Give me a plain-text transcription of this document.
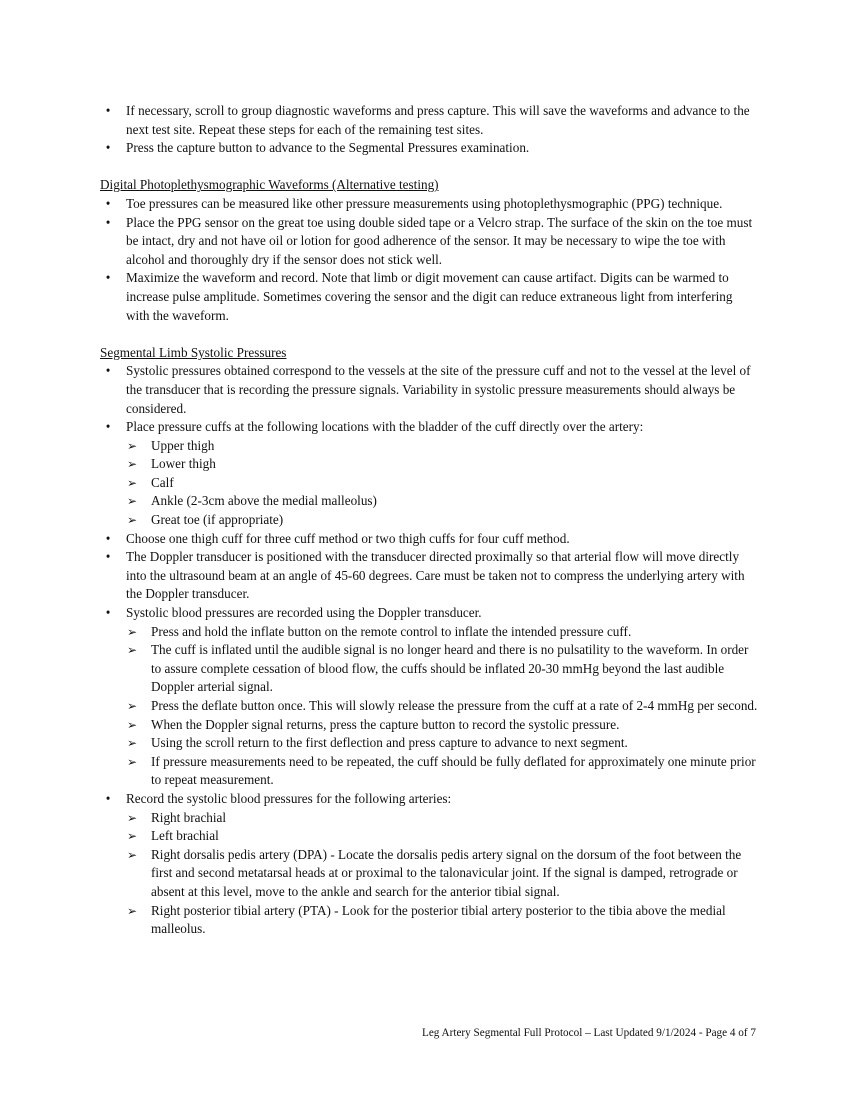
• If necessary, scroll to group diagnostic waveforms and press capture. This will save the waveforms and advance to the next test site. Repeat these steps for each of the remaining test sites.
• Press the capture button to advance to the Segmental Pressures examination.
Digital Photoplethysmographic Waveforms (Alternative testing)
• Toe pressures can be measured like other pressure measurements using photoplethysmographic (PPG) technique.
• Place the PPG sensor on the great toe using double sided tape or a Velcro strap. The surface of the skin on the toe must be intact, dry and not have oil or lotion for good adherence of the sensor. It may be necessary to wipe the toe with alcohol and thoroughly dry if the sensor does not stick well.
• Maximize the waveform and record. Note that limb or digit movement can cause artifact. Digits can be warmed to increase pulse amplitude. Sometimes covering the sensor and the digit can reduce extraneous light from interfering with the waveform.
Segmental Limb Systolic Pressures
• Systolic pressures obtained correspond to the vessels at the site of the pressure cuff and not to the vessel at the level of the transducer that is recording the pressure signals. Variability in systolic pressure measurements should always be considered.
• Place pressure cuffs at the following locations with the bladder of the cuff directly over the artery:
➢ Upper thigh
➢ Lower thigh
➢ Calf
➢ Ankle (2-3cm above the medial malleolus)
➢ Great toe (if appropriate)
• Choose one thigh cuff for three cuff method or two thigh cuffs for four cuff method.
• The Doppler transducer is positioned with the transducer directed proximally so that arterial flow will move directly into the ultrasound beam at an angle of 45-60 degrees. Care must be taken not to compress the underlying artery with the Doppler transducer.
• Systolic blood pressures are recorded using the Doppler transducer.
➢ Press and hold the inflate button on the remote control to inflate the intended pressure cuff.
➢ The cuff is inflated until the audible signal is no longer heard and there is no pulsatility to the waveform. In order to assure complete cessation of blood flow, the cuffs should be inflated 20-30 mmHg beyond the last audible Doppler arterial signal.
➢ Press the deflate button once. This will slowly release the pressure from the cuff at a rate of 2-4 mmHg per second.
➢ When the Doppler signal returns, press the capture button to record the systolic pressure.
➢ Using the scroll return to the first deflection and press capture to advance to next segment.
➢ If pressure measurements need to be repeated, the cuff should be fully deflated for approximately one minute prior to repeat measurement.
• Record the systolic blood pressures for the following arteries:
➢ Right brachial
➢ Left brachial
➢ Right dorsalis pedis artery (DPA) - Locate the dorsalis pedis artery signal on the dorsum of the foot between the first and second metatarsal heads at or proximal to the talonavicular joint. If the signal is damped, retrograde or absent at this level, move to the ankle and search for the anterior tibial signal.
➢ Right posterior tibial artery (PTA) - Look for the posterior tibial artery posterior to the tibia above the medial malleolus.
Leg Artery Segmental Full Protocol – Last Updated 9/1/2024 - Page 4 of 7
